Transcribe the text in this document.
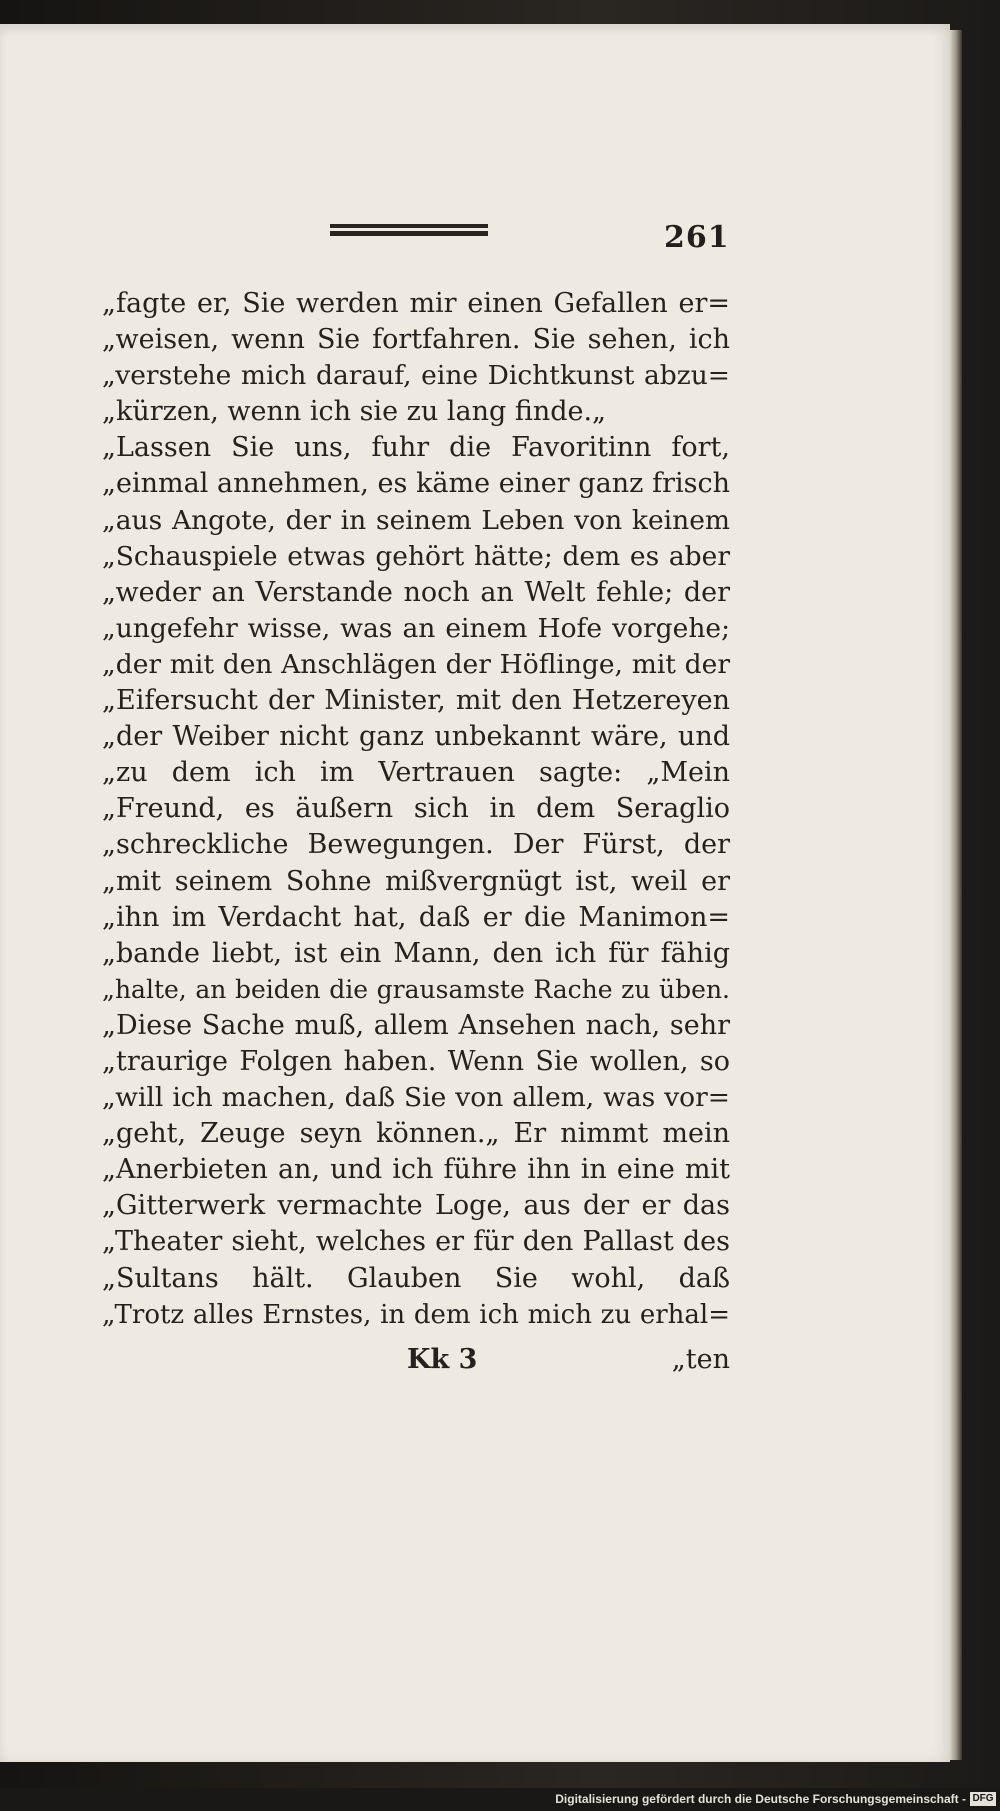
261
„fagte er, Sie werden mir einen Gefallen er=
„weisen, wenn Sie fortfahren. Sie sehen, ich
„verstehe mich darauf, eine Dichtkunst abzu=
„kürzen, wenn ich sie zu lang finde.„
„Lassen Sie uns, fuhr die Favoritinn fort,
„einmal annehmen, es käme einer ganz frisch
„aus Angote, der in seinem Leben von keinem
„Schauspiele etwas gehört hätte; dem es aber
„weder an Verstande noch an Welt fehle; der
„ungefehr wisse, was an einem Hofe vorgehe;
„der mit den Anschlägen der Höflinge, mit der
„Eifersucht der Minister, mit den Hetzereyen
„der Weiber nicht ganz unbekannt wäre, und
„zu dem ich im Vertrauen sagte: „Mein
„Freund, es äußern sich in dem Seraglio
„schreckliche Bewegungen. Der Fürst, der
„mit seinem Sohne mißvergnügt ist, weil er
„ihn im Verdacht hat, daß er die Manimon=
„bande liebt, ist ein Mann, den ich für fähig
„halte, an beiden die grausamste Rache zu üben.
„Diese Sache muß, allem Ansehen nach, sehr
„traurige Folgen haben. Wenn Sie wollen, so
„will ich machen, daß Sie von allem, was vor=
„geht, Zeuge seyn können.„ Er nimmt mein
„Anerbieten an, und ich führe ihn in eine mit
„Gitterwerk vermachte Loge, aus der er das
„Theater sieht, welches er für den Pallast des
„Sultans hält. Glauben Sie wohl, daß
„Trotz alles Ernstes, in dem ich mich zu erhal=
Kk 3	„ten
Digitalisierung gefördert durch die Deutsche Forschungsgemeinschaft - DFG
